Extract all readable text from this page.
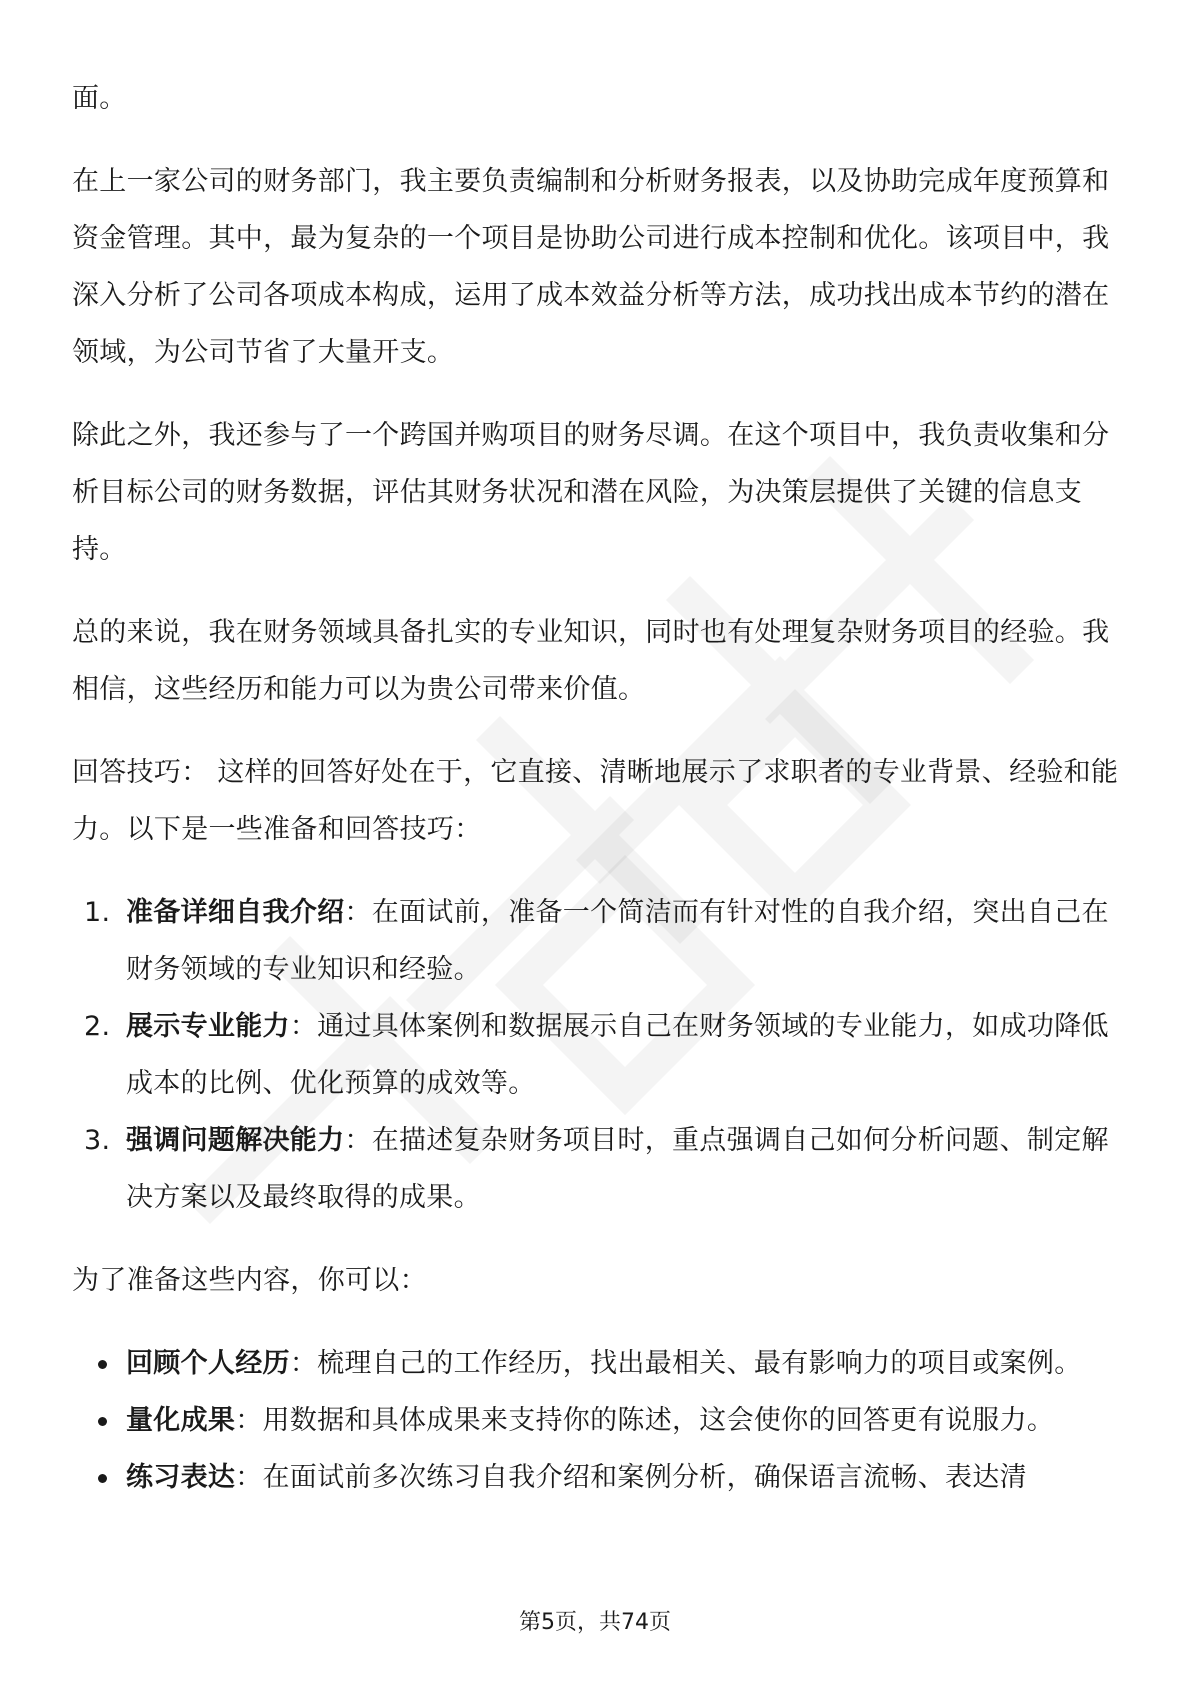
面。

在上一家公司的财务部门，我主要负责编制和分析财务报表，以及协助完成年度预算和资金管理。其中，最为复杂的一个项目是协助公司进行成本控制和优化。该项目中，我深入分析了公司各项成本构成，运用了成本效益分析等方法，成功找出成本节约的潜在领域，为公司节省了大量开支。

除此之外，我还参与了一个跨国并购项目的财务尽调。在这个项目中，我负责收集和分析目标公司的财务数据，评估其财务状况和潜在风险，为决策层提供了关键的信息支持。

总的来说，我在财务领域具备扎实的专业知识，同时也有处理复杂财务项目的经验。我相信，这些经历和能力可以为贵公司带来价值。

回答技巧： 这样的回答好处在于，它直接、清晰地展示了求职者的专业背景、经验和能力。以下是一些准备和回答技巧：

1. 准备详细自我介绍：在面试前，准备一个简洁而有针对性的自我介绍，突出自己在财务领域的专业知识和经验。
2. 展示专业能力：通过具体案例和数据展示自己在财务领域的专业能力，如成功降低成本的比例、优化预算的成效等。
3. 强调问题解决能力：在描述复杂财务项目时，重点强调自己如何分析问题、制定解决方案以及最终取得的成果。

为了准备这些内容，你可以：

回顾个人经历：梳理自己的工作经历，找出最相关、最有影响力的项目或案例。
量化成果：用数据和具体成果来支持你的陈述，这会使你的回答更有说服力。
练习表达：在面试前多次练习自我介绍和案例分析，确保语言流畅、表达清
第5页，共74页
